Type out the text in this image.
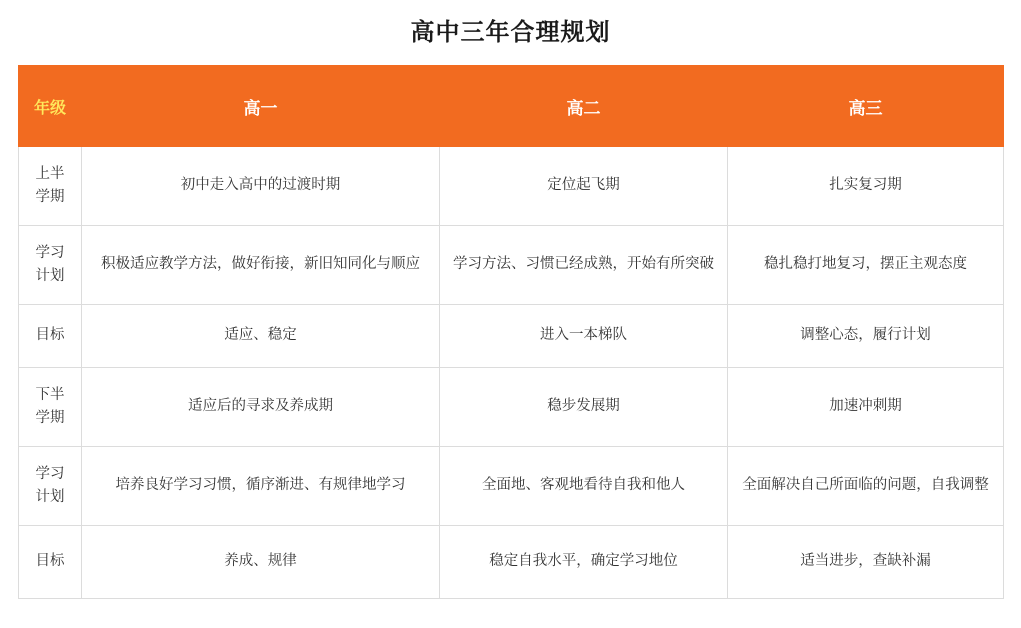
高中三年合理规划
年级	高一	高二	高三

上半
学期	初中走入高中的过渡时期	定位起飞期	扎实复习期

学习
计划	积极适应教学方法，做好衔接，新旧知同化与顺应	学习方法、习惯已经成熟，开始有所突破	稳扎稳打地复习，摆正主观态度

目标	适应、稳定	进入一本梯队	调整心态，履行计划

下半
学期	适应后的寻求及养成期	稳步发展期	加速冲刺期

学习
计划	培养良好学习习惯，循序渐进、有规律地学习	全面地、客观地看待自我和他人	全面解决自己所面临的问题，自我调整

目标	养成、规律	稳定自我水平，确定学习地位	适当进步，查缺补漏
